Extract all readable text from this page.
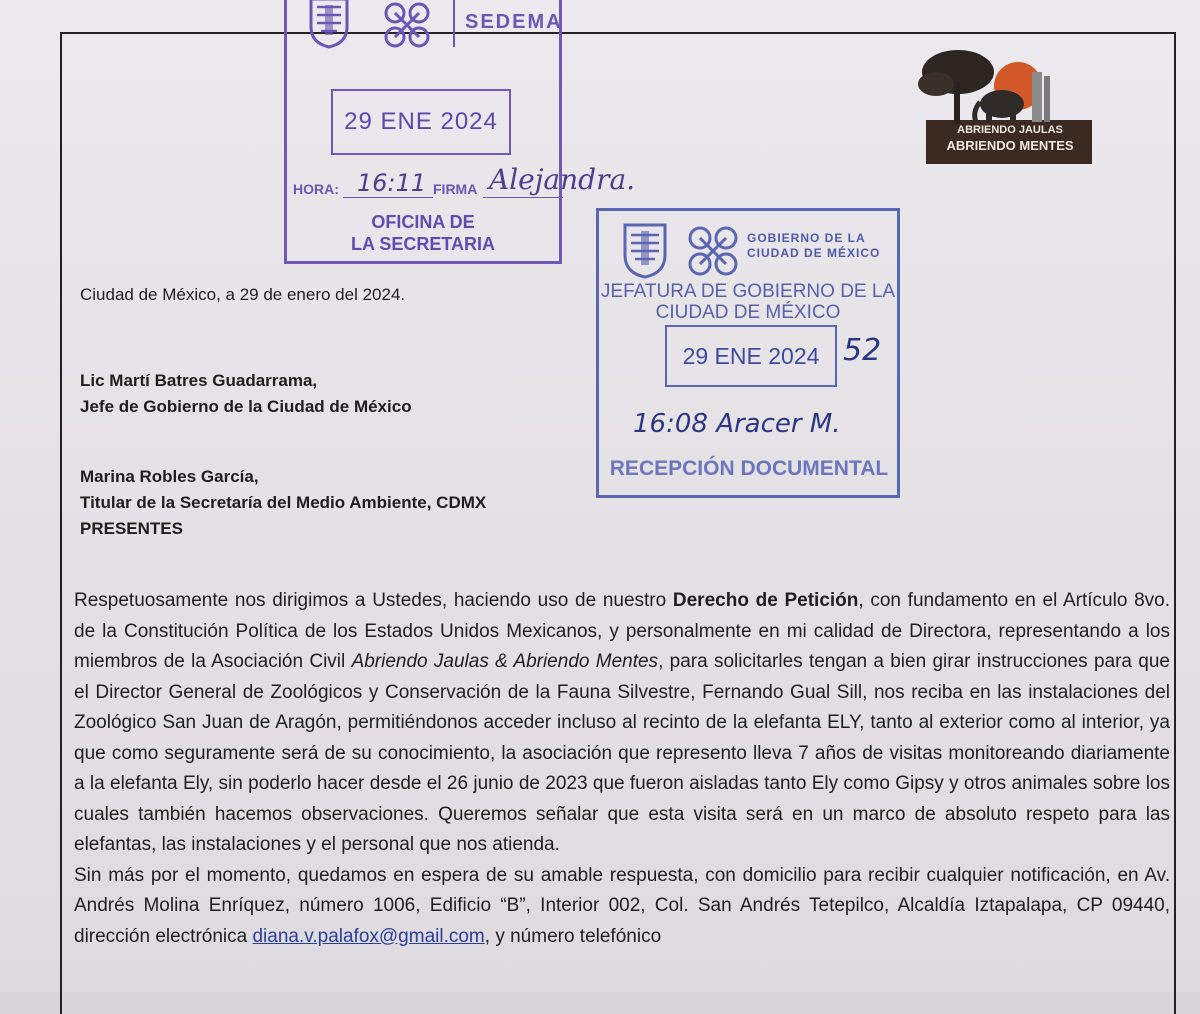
SEDEMA
29 ENE 2024
HORA: 16:11 FIRMA Alejandra.
OFICINA DE
LA SECRETARIA	GOBIERNO DE LA
CIUDAD DE MÉXICO
JEFATURA DE GOBIERNO DE LA
CIUDAD DE MÉXICO
29 ENE 2024 52
16:08 Aracer M.
RECEPCIÓN DOCUMENTAL
ABRIENDO JAULAS
ABRIENDO MENTES
Ciudad de México, a 29 de enero del 2024.
Lic Martí Batres Guadarrama,
Jefe de Gobierno de la Ciudad de México
Marina Robles García,
Titular de la Secretaría del Medio Ambiente, CDMX
PRESENTES

Respetuosamente nos dirigimos a Ustedes, haciendo uso de nuestro Derecho de Petición, con fundamento en el Artículo 8vo. de la Constitución Política de los Estados Unidos Mexicanos, y personalmente en mi calidad de Directora, representando a los miembros de la Asociación Civil Abriendo Jaulas & Abriendo Mentes, para solicitarles tengan a bien girar instrucciones para que el Director General de Zoológicos y Conservación de la Fauna Silvestre, Fernando Gual Sill, nos reciba en las instalaciones del Zoológico San Juan de Aragón, permitiéndonos acceder incluso al recinto de la elefanta ELY, tanto al exterior como al interior, ya que como seguramente será de su conocimiento, la asociación que represento lleva 7 años de visitas monitoreando diariamente a la elefanta Ely, sin poderlo hacer desde el 26 junio de 2023 que fueron aisladas tanto Ely como Gipsy y otros animales sobre los cuales también hacemos observaciones. Queremos señalar que esta visita será en un marco de absoluto respeto para las elefantas, las instalaciones y el personal que nos atienda.

Sin más por el momento, quedamos en espera de su amable respuesta, con domicilio para recibir cualquier notificación, en Av. Andrés Molina Enríquez, número 1006, Edificio “B”, Interior 002, Col. San Andrés Tetepilco, Alcaldía Iztapalapa, CP 09440, dirección electrónica diana.v.palafox@gmail.com, y número telefónico
